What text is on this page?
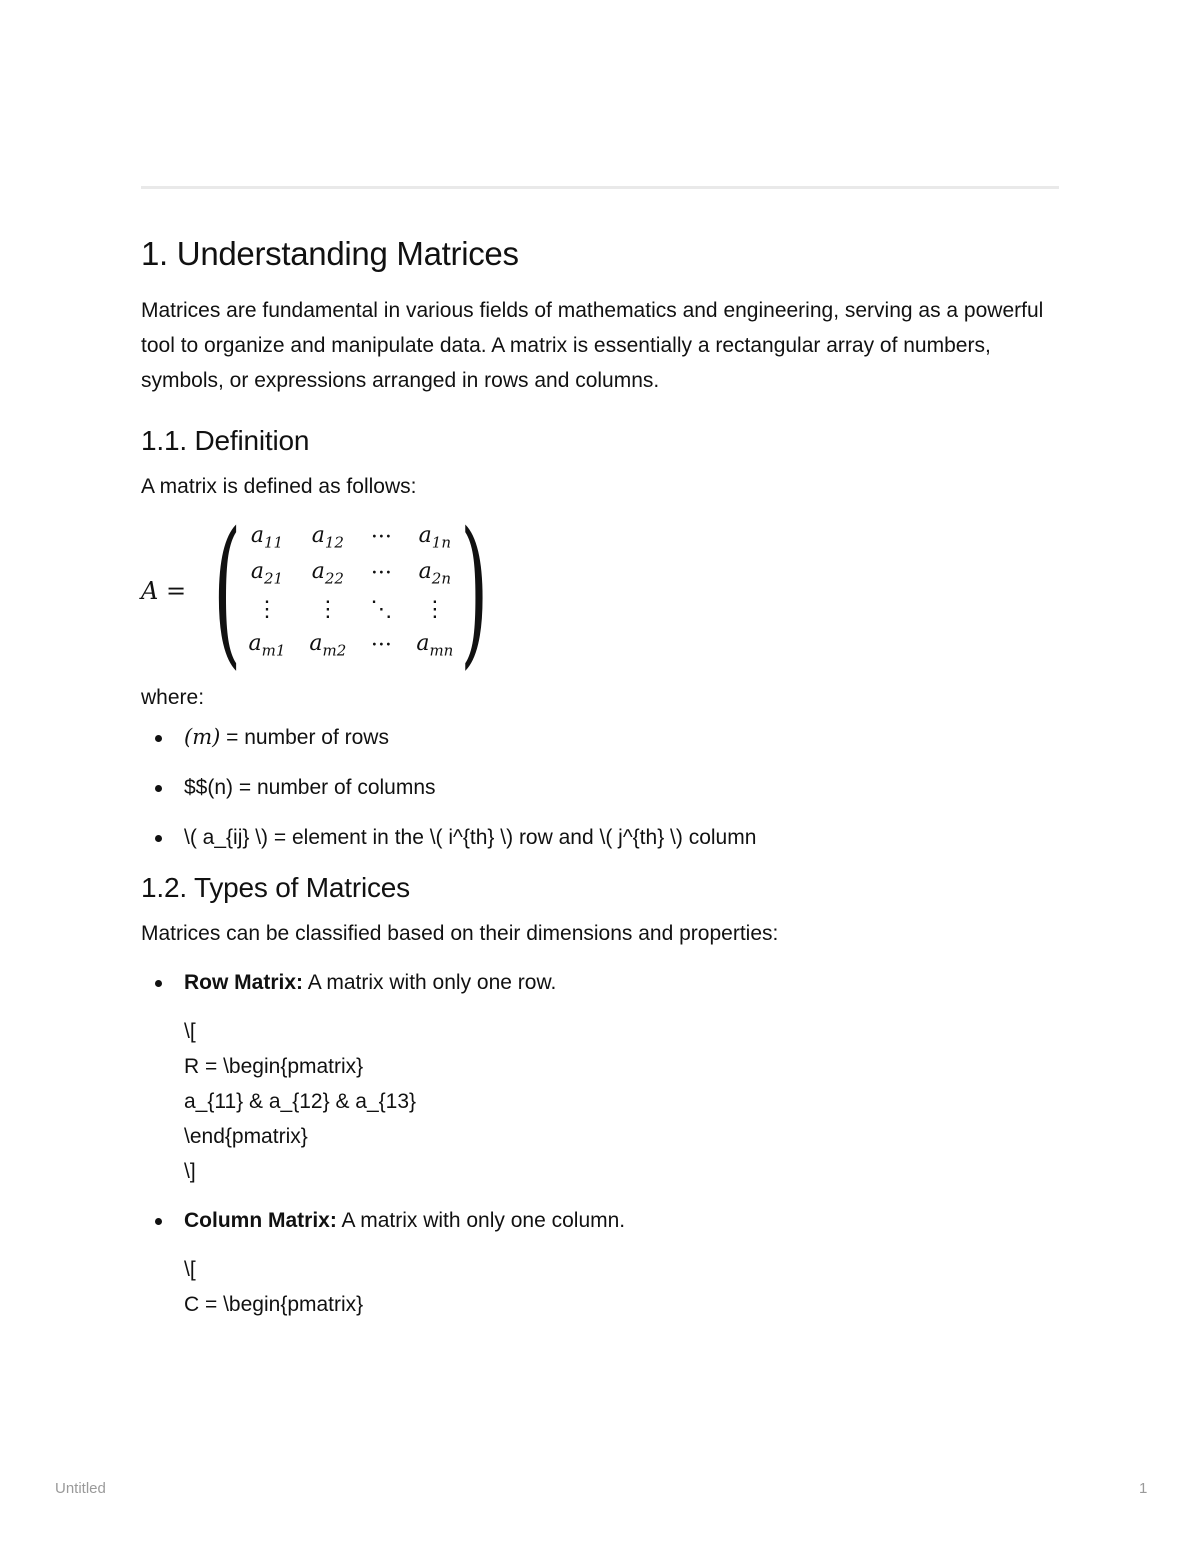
1. Understanding Matrices

Matrices are fundamental in various fields of mathematics and engineering, serving as a powerful tool to organize and manipulate data. A matrix is essentially a rectangular array of numbers, symbols, or expressions arranged in rows and columns.

1.1. Definition

A matrix is defined as follows:

A = ( $a_{11}$	$a_{12}$	···	$a_{1n}$
$a_{21}$	$a_{22}$	···	$a_{2n}$
⋮	⋮	⋱	⋮
$a_{m1}$	$a_{m2}$	···	$a_{mn}$ )

where:

(m) = number of rows
$$(n) = number of columns
\( a_{ij} \) = element in the \( i^{th} \) row and \( j^{th} \) column
1.2. Types of Matrices

Matrices can be classified based on their dimensions and properties:

Row Matrix: A matrix with only one row.
\[
R = \begin{pmatrix}
a_{11} & a_{12} & a_{13}
\end{pmatrix}
\]
Column Matrix: A matrix with only one column.
\[
C = \begin{pmatrix}
Untitled	1
